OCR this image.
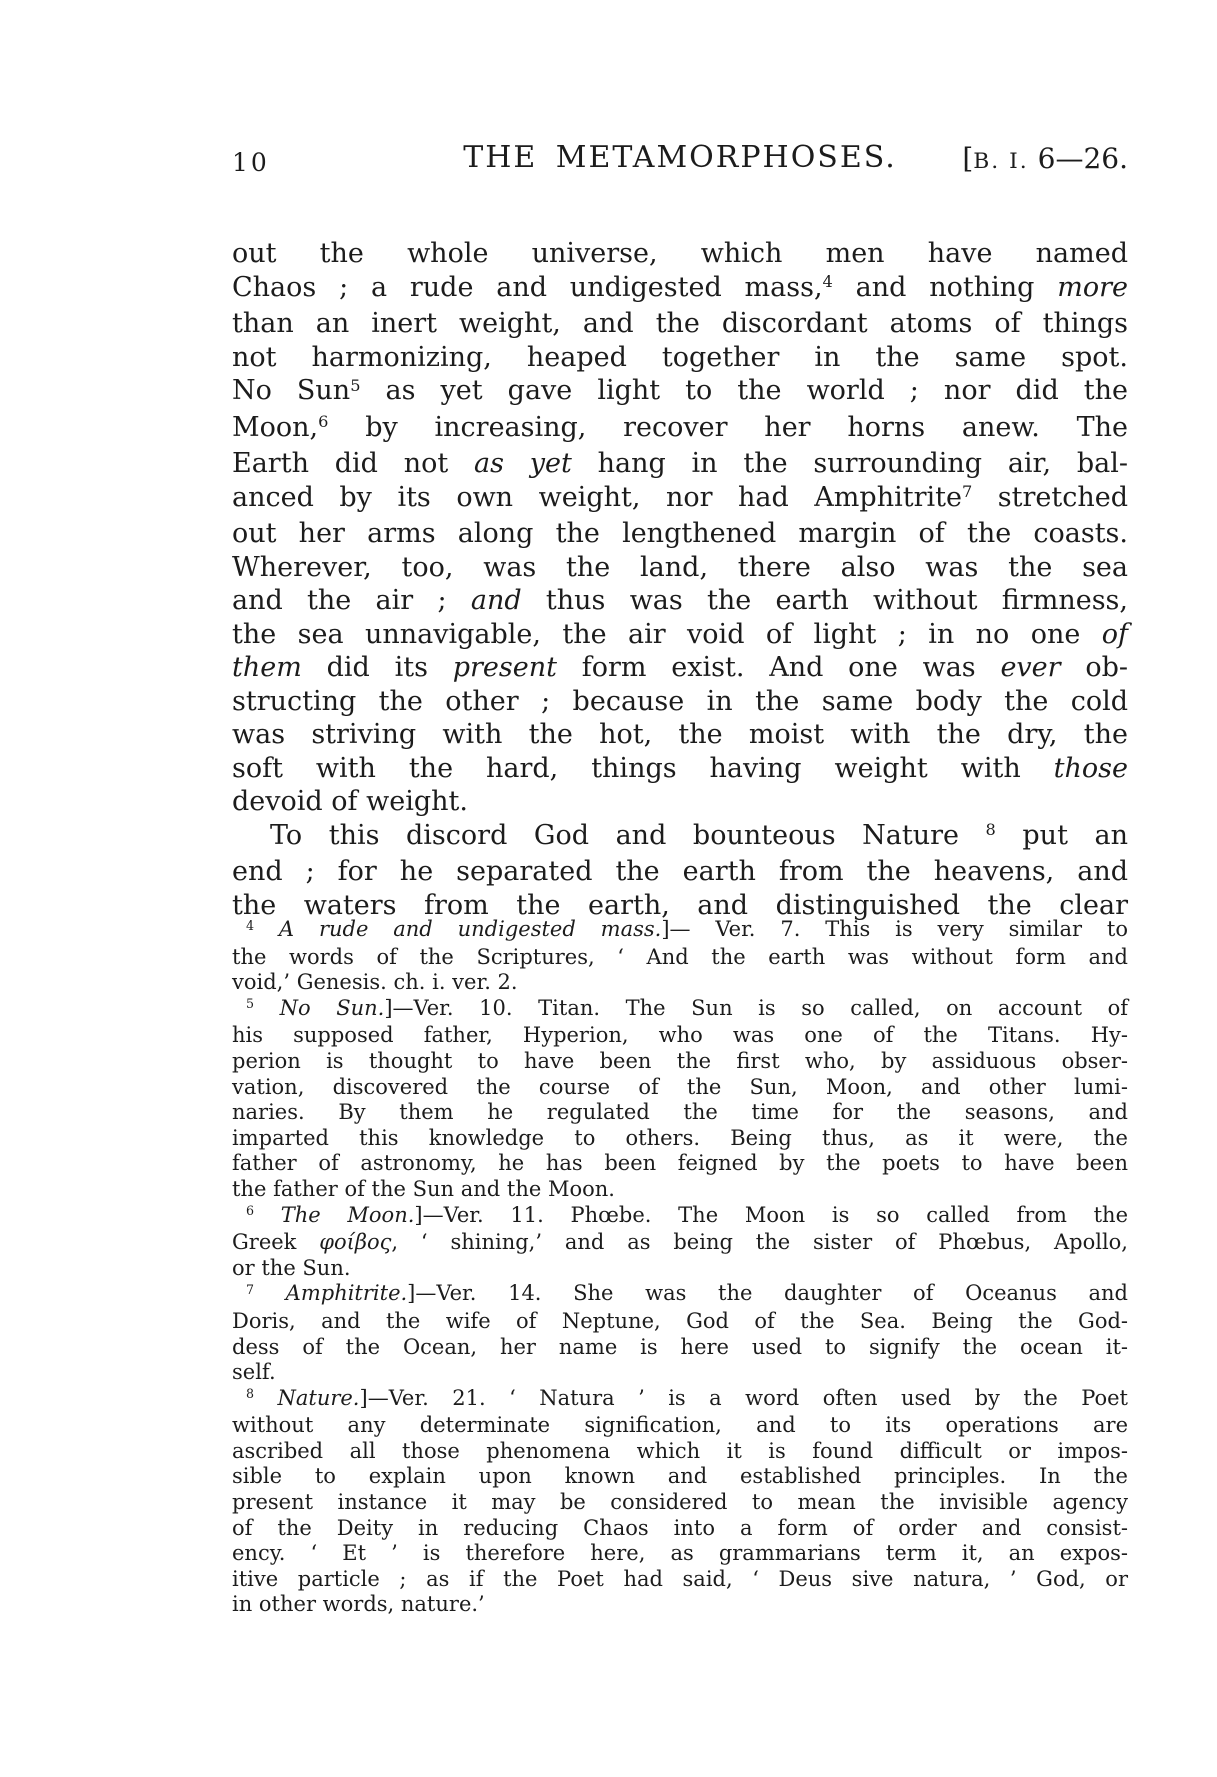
10	THE METAMORPHOSES.	[B. I. 6—26.
out the whole universe, which men have named
Chaos ; a rude and undigested mass,$^4$ and nothing more
than an inert weight, and the discordant atoms of things
not harmonizing, heaped together in the same spot.
No Sun$^5$ as yet gave light to the world ; nor did the
Moon,$^6$ by increasing, recover her horns anew. The
Earth did not as yet hang in the surrounding air, bal-
anced by its own weight, nor had Amphitrite$^7$ stretched
out her arms along the lengthened margin of the coasts.
Wherever, too, was the land, there also was the sea
and the air ; and thus was the earth without firmness,
the sea unnavigable, the air void of light ; in no one of
them did its present form exist. And one was ever ob-
structing the other ; because in the same body the cold
was striving with the hot, the moist with the dry, the
soft with the hard, things having weight with those
devoid of weight.
To this discord God and bounteous Nature $^8$ put an
end ; for he separated the earth from the heavens, and
the waters from the earth, and distinguished the clear
$^4$ A rude and undigested mass.]— Ver. 7. This is very similar to
the words of the Scriptures, ‘ And the earth was without form and
void,’ Genesis. ch. i. ver. 2.
$^5$ No Sun.]—Ver. 10. Titan. The Sun is so called, on account of
his supposed father, Hyperion, who was one of the Titans. Hy-
perion is thought to have been the first who, by assiduous obser-
vation, discovered the course of the Sun, Moon, and other lumi-
naries. By them he regulated the time for the seasons, and
imparted this knowledge to others. Being thus, as it were, the
father of astronomy, he has been feigned by the poets to have been
the father of the Sun and the Moon.
$^6$ The Moon.]—Ver. 11. Phœbe. The Moon is so called from the
Greek φοίβος, ‘ shining,’ and as being the sister of Phœbus, Apollo,
or the Sun.
$^7$ Amphitrite.]—Ver. 14. She was the daughter of Oceanus and
Doris, and the wife of Neptune, God of the Sea. Being the God-
dess of the Ocean, her name is here used to signify the ocean it-
self.
$^8$ Nature.]—Ver. 21. ‘ Natura ’ is a word often used by the Poet
without any determinate signification, and to its operations are
ascribed all those phenomena which it is found difficult or impos-
sible to explain upon known and established principles. In the
present instance it may be considered to mean the invisible agency
of the Deity in reducing Chaos into a form of order and consist-
ency. ‘ Et ’ is therefore here, as grammarians term it, an expos-
itive particle ; as if the Poet had said, ‘ Deus sive natura, ’ God, or
in other words, nature.’
